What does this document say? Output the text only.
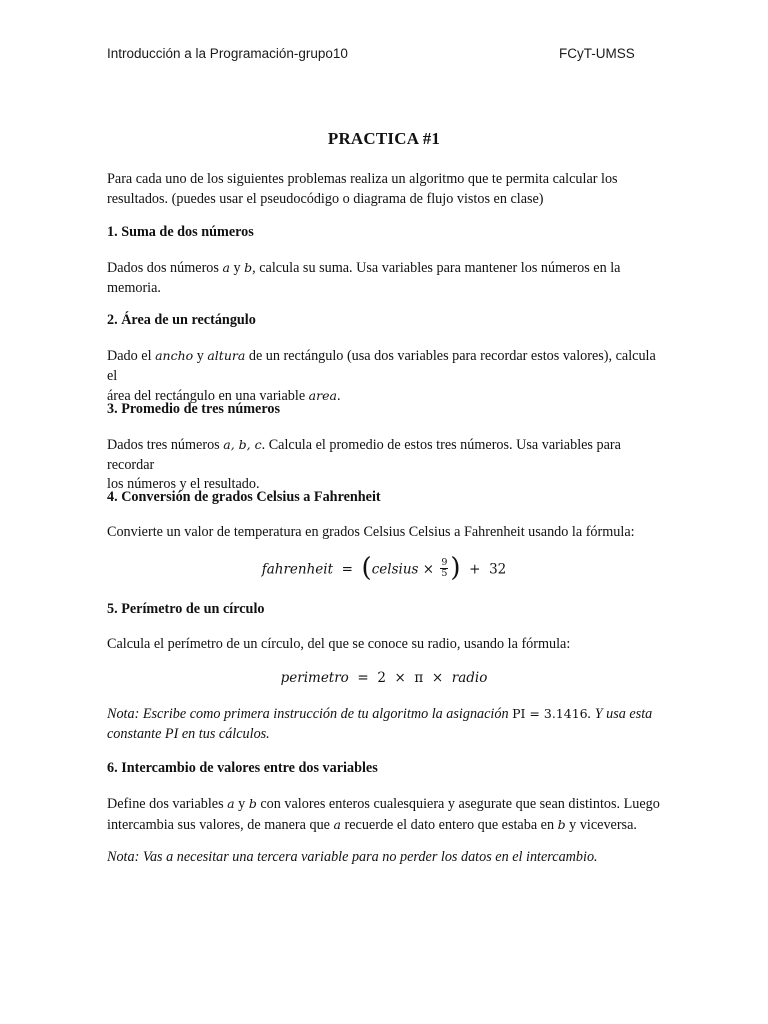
Introducción a la Programación-grupo10	FCyT-UMSS
PRACTICA #1
Para cada uno de los siguientes problemas realiza un algoritmo que te permita calcular los
resultados. (puedes usar el pseudocódigo o diagrama de flujo vistos en clase)
1. Suma de dos números
Dados dos números a y b, calcula su suma. Usa variables para mantener los números en la
memoria.
2. Área de un rectángulo
Dado el ancho y altura de un rectángulo (usa dos variables para recordar estos valores), calcula el
área del rectángulo en una variable area.
3. Promedio de tres números
Dados tres números a, b, c. Calcula el promedio de estos tres números. Usa variables para recordar
los números y el resultado.
4. Conversión de grados Celsius a Fahrenheit
Convierte un valor de temperatura en grados Celsius Celsius a Fahrenheit usando la fórmula:
fahrenheit = (celsius × $\frac{9}{5}$ ) + 32
5. Perímetro de un círculo
Calcula el perímetro de un círculo, del que se conoce su radio, usando la fórmula:
perimetro = 2 × π × radio
Nota: Escribe como primera instrucción de tu algoritmo la asignación PI = 3.1416. Y usa esta
constante PI en tus cálculos.
6. Intercambio de valores entre dos variables
Define dos variables a y b con valores enteros cualesquiera y asegurate que sean distintos. Luego
intercambia sus valores, de manera que a recuerde el dato entero que estaba en b y viceversa.
Nota: Vas a necesitar una tercera variable para no perder los datos en el intercambio.
